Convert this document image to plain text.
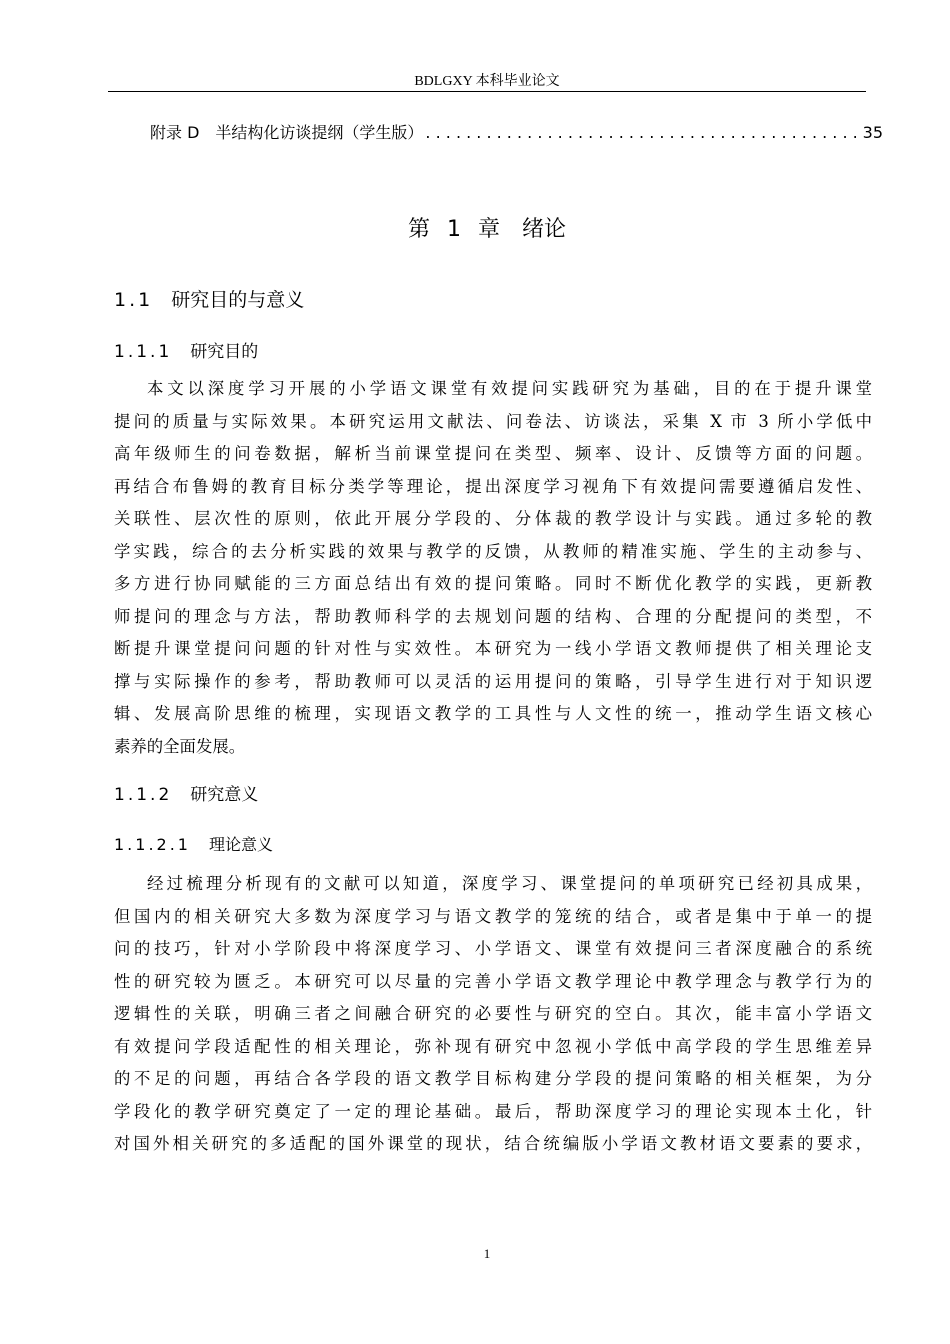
BDLGXY 本科毕业论文
附录 D　半结构化访谈提纲（学生版）
. . .	35
第 1 章　绪论
1.1 研究目的与意义
1.1.1 研究目的
本文以深度学习开展的小学语文课堂有效提问实践研究为基础，目的在于提升课堂
提问的质量与实际效果。本研究运用文献法、问卷法、访谈法，采集 X 市 3 所小学低中
高年级师生的问卷数据，解析当前课堂提问在类型、频率、设计、反馈等方面的问题。
再结合布鲁姆的教育目标分类学等理论，提出深度学习视角下有效提问需要遵循启发性、
关联性、层次性的原则，依此开展分学段的、分体裁的教学设计与实践。通过多轮的教
学实践，综合的去分析实践的效果与教学的反馈，从教师的精准实施、学生的主动参与、
多方进行协同赋能的三方面总结出有效的提问策略。同时不断优化教学的实践，更新教
师提问的理念与方法，帮助教师科学的去规划问题的结构、合理的分配提问的类型，不
断提升课堂提问问题的针对性与实效性。本研究为一线小学语文教师提供了相关理论支
撑与实际操作的参考，帮助教师可以灵活的运用提问的策略，引导学生进行对于知识逻
辑、发展高阶思维的梳理，实现语文教学的工具性与人文性的统一，推动学生语文核心
素养的全面发展。
1.1.2 研究意义
1.1.2.1 理论意义
经过梳理分析现有的文献可以知道，深度学习、课堂提问的单项研究已经初具成果，
但国内的相关研究大多数为深度学习与语文教学的笼统的结合，或者是集中于单一的提
问的技巧，针对小学阶段中将深度学习、小学语文、课堂有效提问三者深度融合的系统
性的研究较为匮乏。本研究可以尽量的完善小学语文教学理论中教学理念与教学行为的
逻辑性的关联，明确三者之间融合研究的必要性与研究的空白。其次，能丰富小学语文
有效提问学段适配性的相关理论，弥补现有研究中忽视小学低中高学段的学生思维差异
的不足的问题，再结合各学段的语文教学目标构建分学段的提问策略的相关框架，为分
学段化的教学研究奠定了一定的理论基础。最后，帮助深度学习的理论实现本土化，针
对国外相关研究的多适配的国外课堂的现状，结合统编版小学语文教材语文要素的要求，
1
